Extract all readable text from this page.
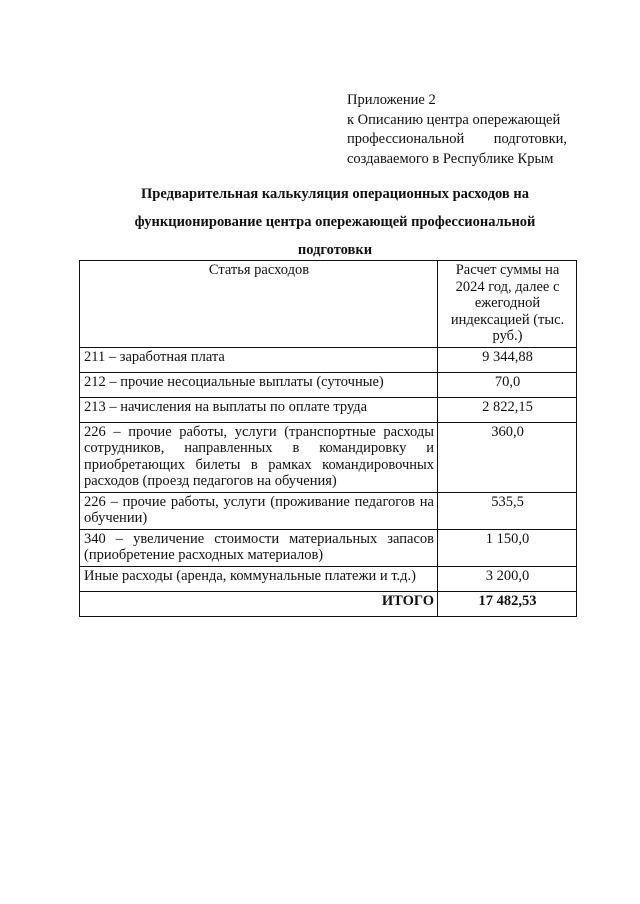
Приложение 2
к Описанию центра опережающей
профессиональной подготовки,
создаваемого в Республике Крым
Предварительная калькуляция операционных расходов на
функционирование центра опережающей профессиональной
подготовки
Статья расходов	Расчет суммы на 2024 год, далее с ежегодной индексацией (тыс. руб.)
211 – заработная плата	9 344,88
212 – прочие несоциальные выплаты (суточные)	70,0
213 – начисления на выплаты по оплате труда	2 822,15
226 – прочие работы, услуги (транспортные расходы сотрудников, направленных в командировку и приобретающих билеты в рамках командировочных расходов (проезд педагогов на обучения)	360,0
226 – прочие работы, услуги (проживание педагогов на обучении)	535,5
340 – увеличение стоимости материальных запасов (приобретение расходных материалов)	1 150,0
Иные расходы (аренда, коммунальные платежи и т.д.)	3 200,0
ИТОГО	17 482,53
